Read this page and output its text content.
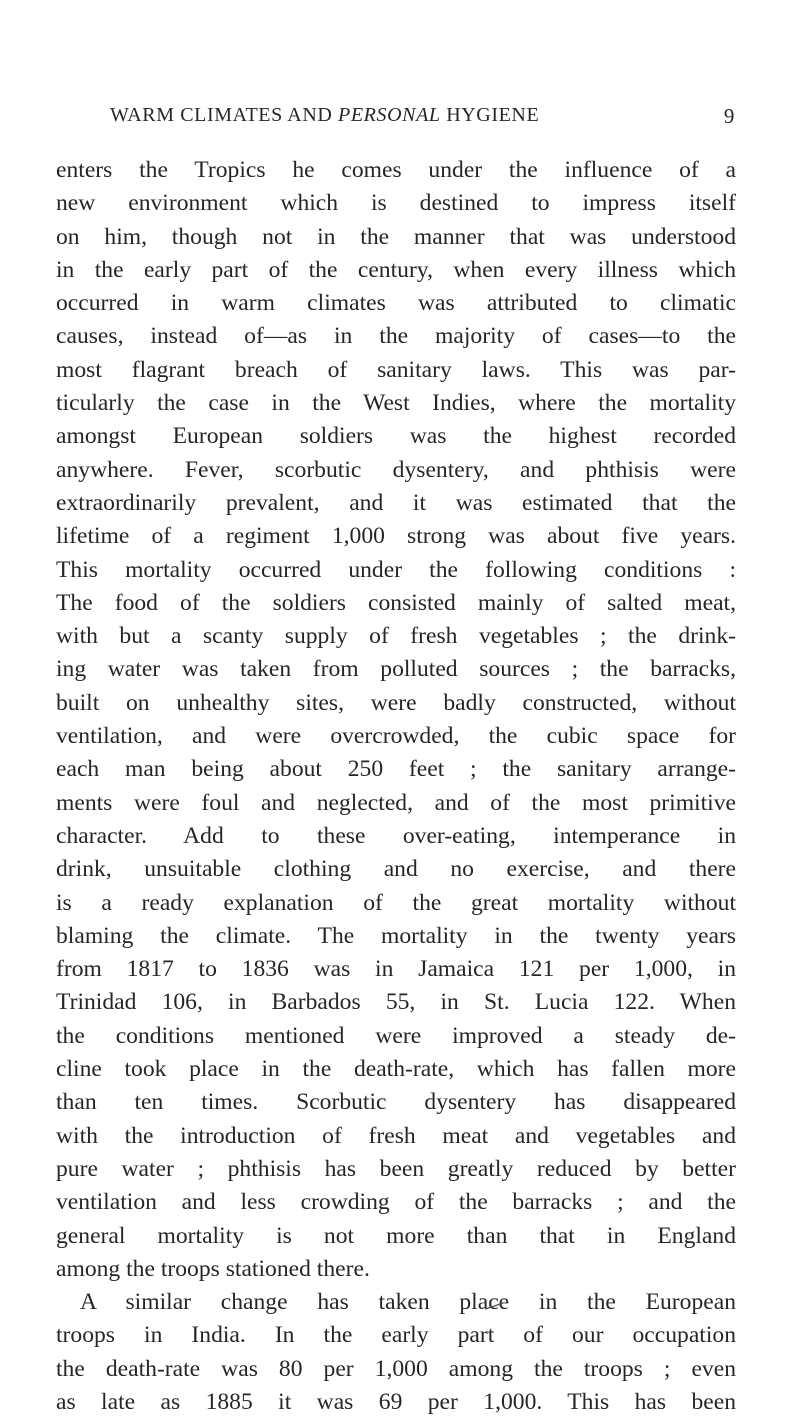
WARM CLIMATES AND PERSONAL HYGIENE	9
enters the Tropics he comes under the influence of a
new environment which is destined to impress itself
on him, though not in the manner that was understood
in the early part of the century, when every illness which
occurred in warm climates was attributed to climatic
causes, instead of—as in the majority of cases—to the
most flagrant breach of sanitary laws. This was par-
ticularly the case in the West Indies, where the mortality
amongst European soldiers was the highest recorded
anywhere. Fever, scorbutic dysentery, and phthisis were
extraordinarily prevalent, and it was estimated that the
lifetime of a regiment 1,000 strong was about five years.
This mortality occurred under the following conditions :
The food of the soldiers consisted mainly of salted meat,
with but a scanty supply of fresh vegetables ; the drink-
ing water was taken from polluted sources ; the barracks,
built on unhealthy sites, were badly constructed, without
ventilation, and were overcrowded, the cubic space for
each man being about 250 feet ; the sanitary arrange-
ments were foul and neglected, and of the most primitive
character. Add to these over-eating, intemperance in
drink, unsuitable clothing and no exercise, and there
is a ready explanation of the great mortality without
blaming the climate. The mortality in the twenty years
from 1817 to 1836 was in Jamaica 121 per 1,000, in
Trinidad 106, in Barbados 55, in St. Lucia 122. When
the conditions mentioned were improved a steady de-
cline took place in the death-rate, which has fallen more
than ten times. Scorbutic dysentery has disappeared
with the introduction of fresh meat and vegetables and
pure water ; phthisis has been greatly reduced by better
ventilation and less crowding of the barracks ; and the
general mortality is not more than that in England
among the troops stationed there.
A similar change has taken place in the European
troops in India. In the early part of our occupation
the death-rate was 80 per 1,000 among the troops ; even
as late as 1885 it was 69 per 1,000. This has been
